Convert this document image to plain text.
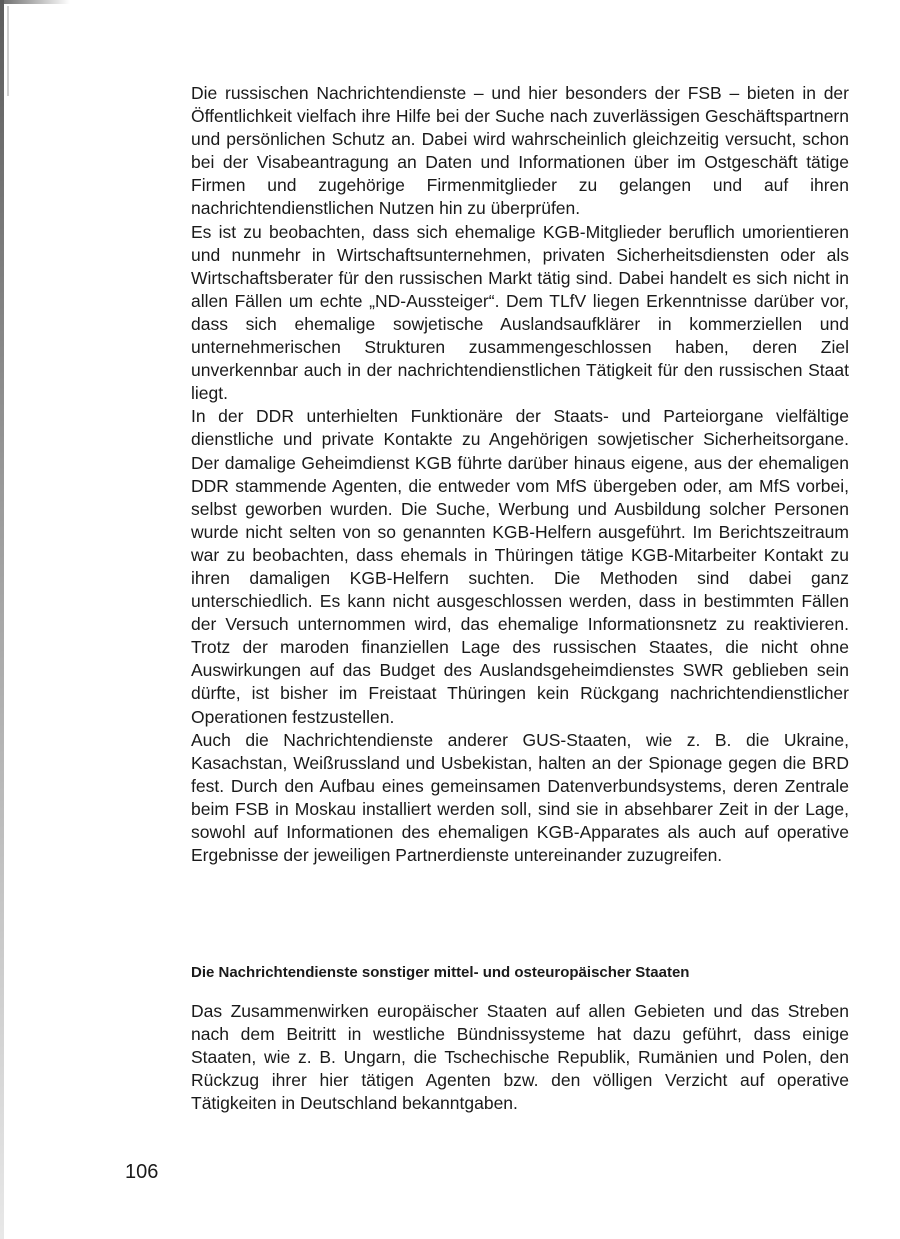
Die russischen Nachrichtendienste – und hier besonders der FSB – bieten in der Öffentlichkeit vielfach ihre Hilfe bei der Suche nach zuverlässigen Geschäftspartnern und persönlichen Schutz an. Dabei wird wahrscheinlich gleichzeitig versucht, schon bei der Visabeantragung an Daten und Informationen über im Ostgeschäft tätige Firmen und zugehörige Firmenmitglieder zu gelangen und auf ihren nachrichtendienstlichen Nutzen hin zu überprüfen.

Es ist zu beobachten, dass sich ehemalige KGB-Mitglieder beruflich umorientieren und nunmehr in Wirtschaftsunternehmen, privaten Sicherheitsdiensten oder als Wirtschaftsberater für den russischen Markt tätig sind. Dabei handelt es sich nicht in allen Fällen um echte „ND-Aussteiger“. Dem TLfV liegen Erkenntnisse darüber vor, dass sich ehemalige sowjetische Auslandsaufklärer in kommerziellen und unternehmerischen Strukturen zusammengeschlossen haben, deren Ziel unverkennbar auch in der nachrichtendienstlichen Tätigkeit für den russischen Staat liegt.

In der DDR unterhielten Funktionäre der Staats- und Parteiorgane vielfältige dienstliche und private Kontakte zu Angehörigen sowjetischer Sicherheitsorgane. Der damalige Geheimdienst KGB führte darüber hinaus eigene, aus der ehemaligen DDR stammende Agenten, die entweder vom MfS übergeben oder, am MfS vorbei, selbst geworben wurden. Die Suche, Werbung und Ausbildung solcher Personen wurde nicht selten von so genannten KGB-Helfern ausgeführt. Im Berichtszeitraum war zu beobachten, dass ehemals in Thüringen tätige KGB-Mitarbeiter Kontakt zu ihren damaligen KGB-Helfern suchten. Die Methoden sind dabei ganz unterschiedlich. Es kann nicht ausgeschlossen werden, dass in bestimmten Fällen der Versuch unternommen wird, das ehemalige Informationsnetz zu reaktivieren. Trotz der maroden finanziellen Lage des russischen Staates, die nicht ohne Auswirkungen auf das Budget des Auslandsgeheimdienstes SWR geblieben sein dürfte, ist bisher im Freistaat Thüringen kein Rückgang nachrichtendienstlicher Operationen festzustellen.

Auch die Nachrichtendienste anderer GUS-Staaten, wie z. B. die Ukraine, Kasachstan, Weißrussland und Usbekistan, halten an der Spionage gegen die BRD fest. Durch den Aufbau eines gemeinsamen Datenverbundsystems, deren Zentrale beim FSB in Moskau installiert werden soll, sind sie in absehbarer Zeit in der Lage, sowohl auf Informationen des ehemaligen KGB-Apparates als auch auf operative Ergebnisse der jeweiligen Partnerdienste untereinander zuzugreifen.

Die Nachrichtendienste sonstiger mittel- und osteuropäischer Staaten

Das Zusammenwirken europäischer Staaten auf allen Gebieten und das Streben nach dem Beitritt in westliche Bündnissysteme hat dazu geführt, dass einige Staaten, wie z. B. Ungarn, die Tschechische Republik, Rumänien und Polen, den Rückzug ihrer hier tätigen Agenten bzw. den völligen Verzicht auf operative Tätigkeiten in Deutschland bekanntgaben.

106
